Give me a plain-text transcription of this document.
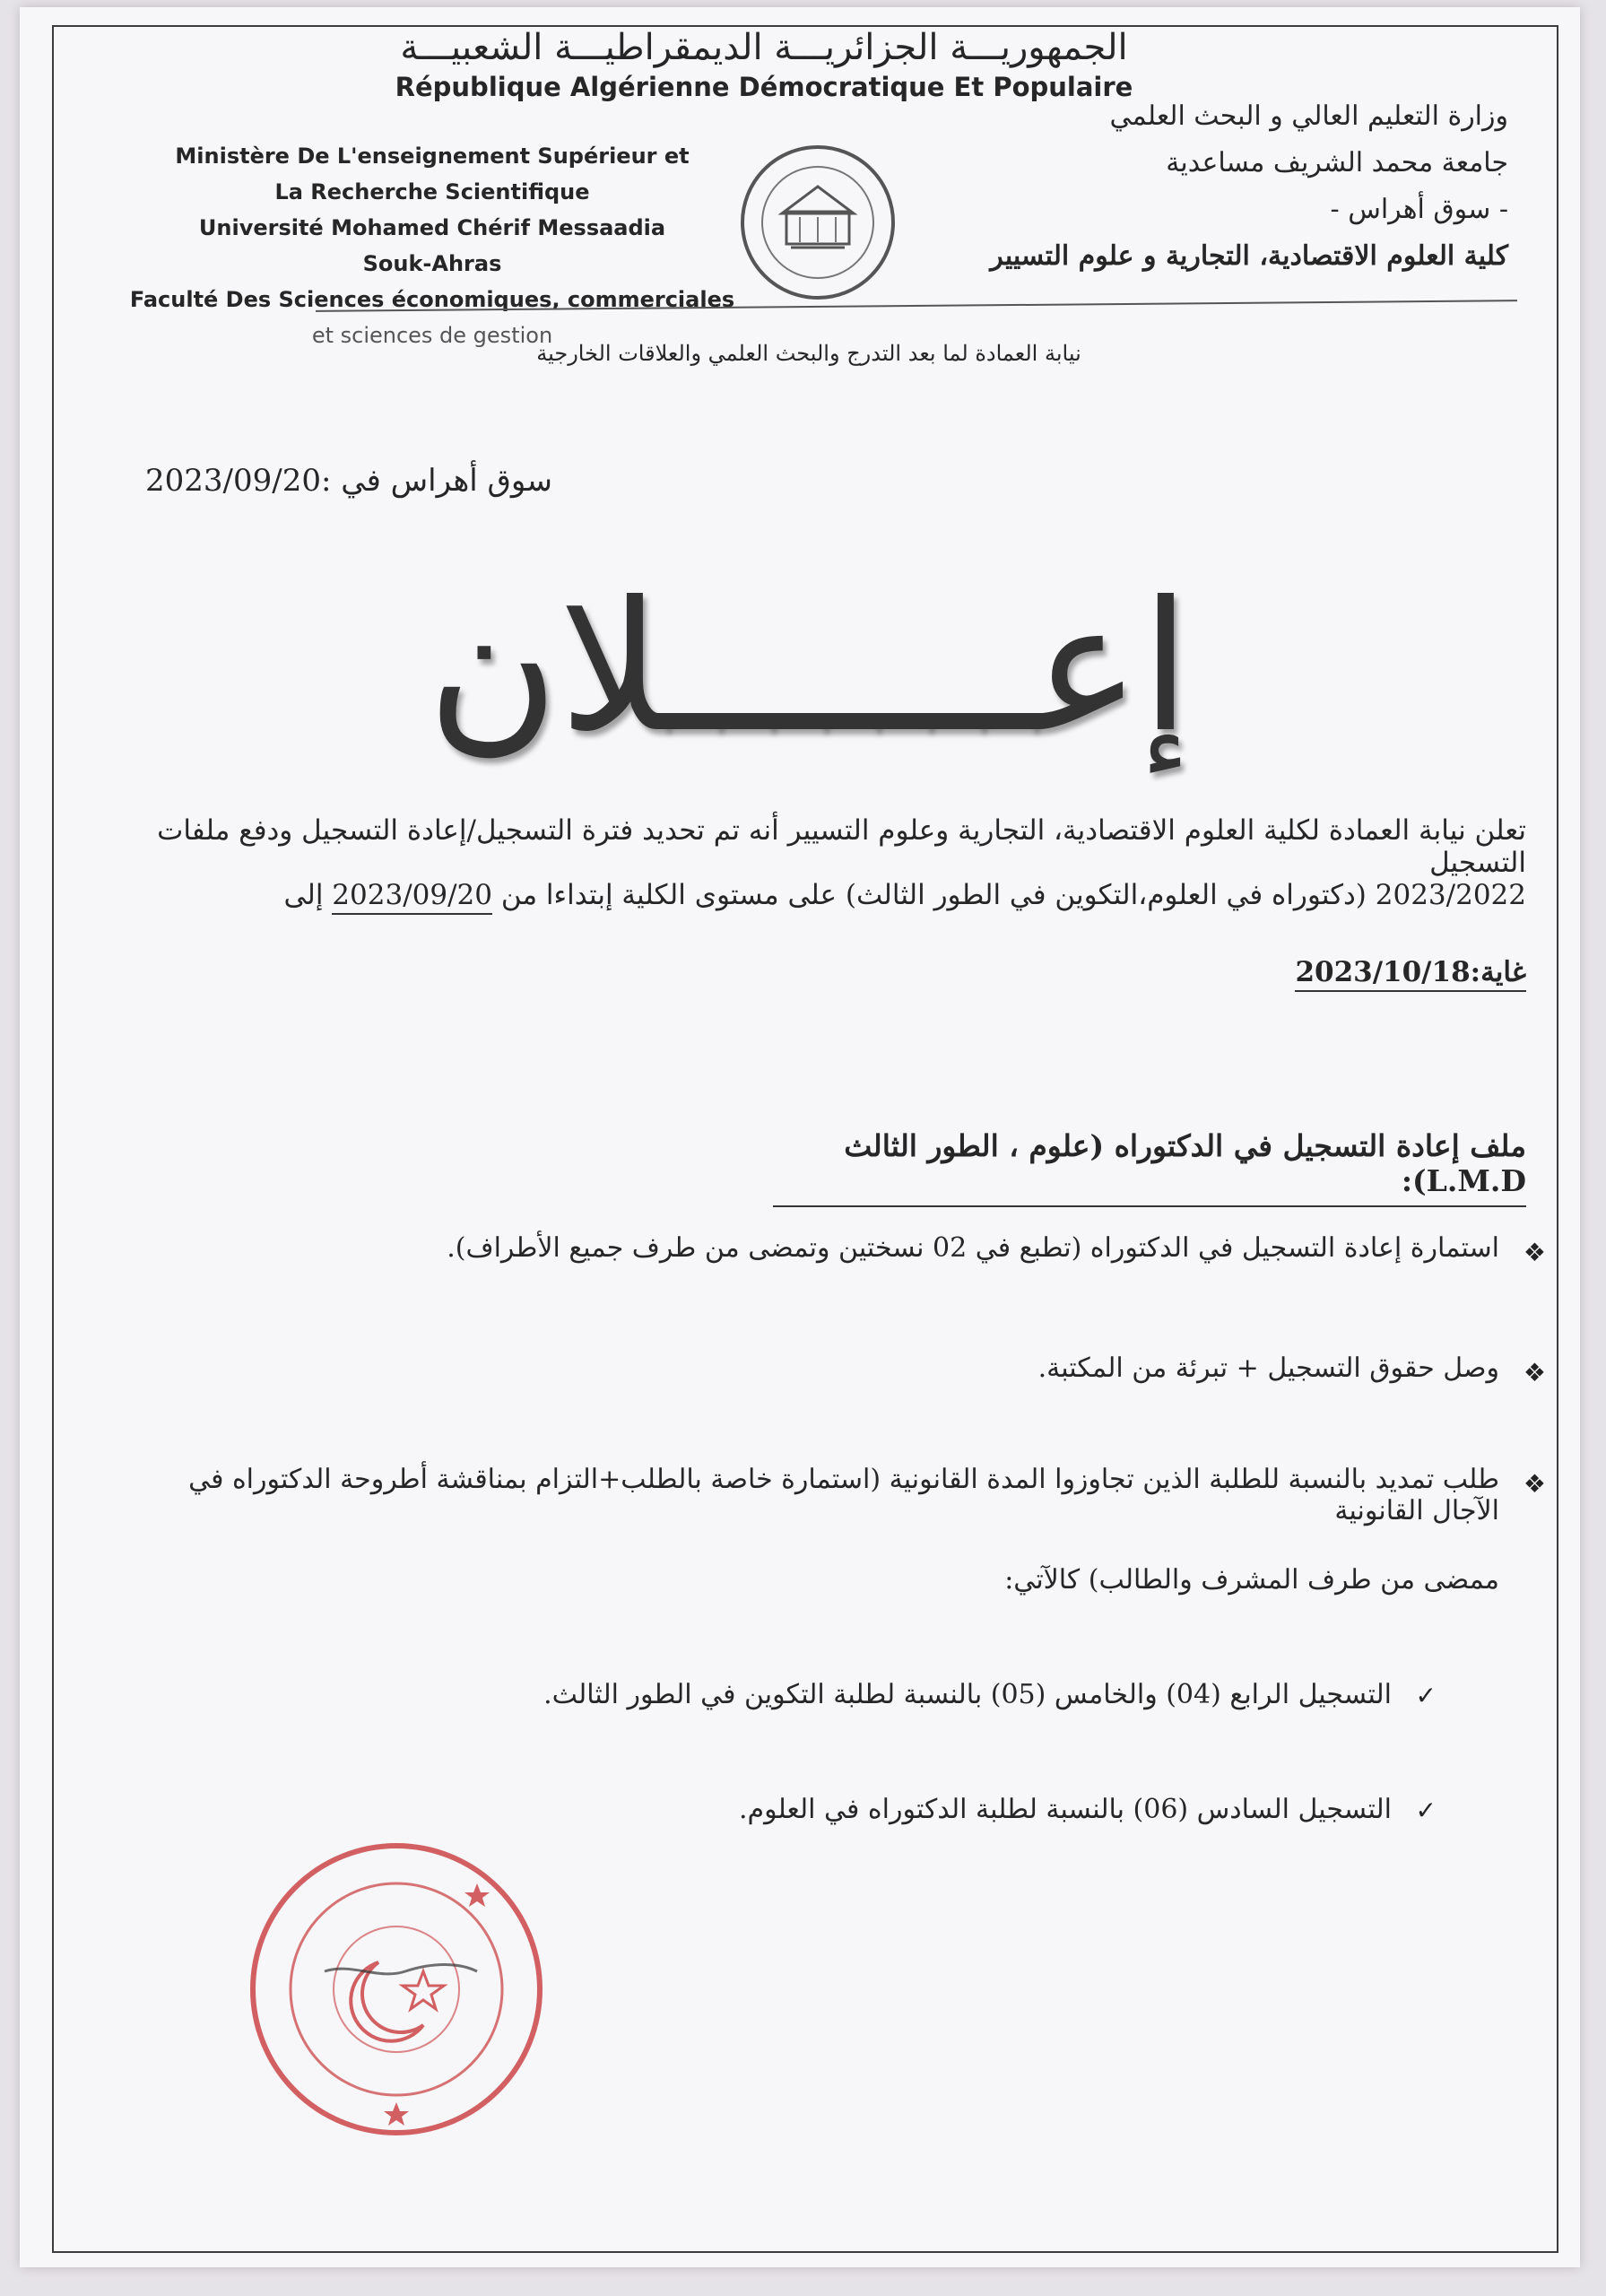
الجمهوريـــة الجزائريـــة الديمقراطيـــة الشعبيـــة
République Algérienne Démocratique Et Populaire
Ministère De L'enseignement Supérieur et
La Recherche Scientifique
Université Mohamed Chérif Messaadia
Souk-Ahras
Faculté Des Sciences économiques, commerciales
et sciences de gestion
وزارة التعليم العالي و البحث العلمي
جامعة محمد الشريف مساعدية
- سوق أهراس -
كلية العلوم الاقتصادية، التجارية و علوم التسيير
نيابة العمادة لما بعد التدرج والبحث العلمي والعلاقات الخارجية
سوق أهراس في :2023/09/20
إعـــــــلان
تعلن نيابة العمادة لكلية العلوم الاقتصادية، التجارية وعلوم التسيير أنه تم تحديد فترة التسجيل/إعادة التسجيل ودفع ملفات التسجيل
2023/2022 (دكتوراه في العلوم،التكوين في الطور الثالث) على مستوى الكلية إبتداءا من 2023/09/20 إلى
غاية:2023/10/18
ملف إعادة التسجيل في الدكتوراه (علوم ، الطور الثالث L.M.D):
❖
استمارة إعادة التسجيل في الدكتوراه (تطبع في 02 نسختين وتمضى من طرف جميع الأطراف).
❖
وصل حقوق التسجيل + تبرئة من المكتبة.
❖
طلب تمديد بالنسبة للطلبة الذين تجاوزوا المدة القانونية (استمارة خاصة بالطلب+التزام بمناقشة أطروحة الدكتوراه في الآجال القانونية
ممضى من طرف المشرف والطالب) كالآتي:
✓
التسجيل الرابع (04) والخامس (05) بالنسبة لطلبة التكوين في الطور الثالث.
✓
التسجيل السادس (06) بالنسبة لطلبة الدكتوراه في العلوم.
